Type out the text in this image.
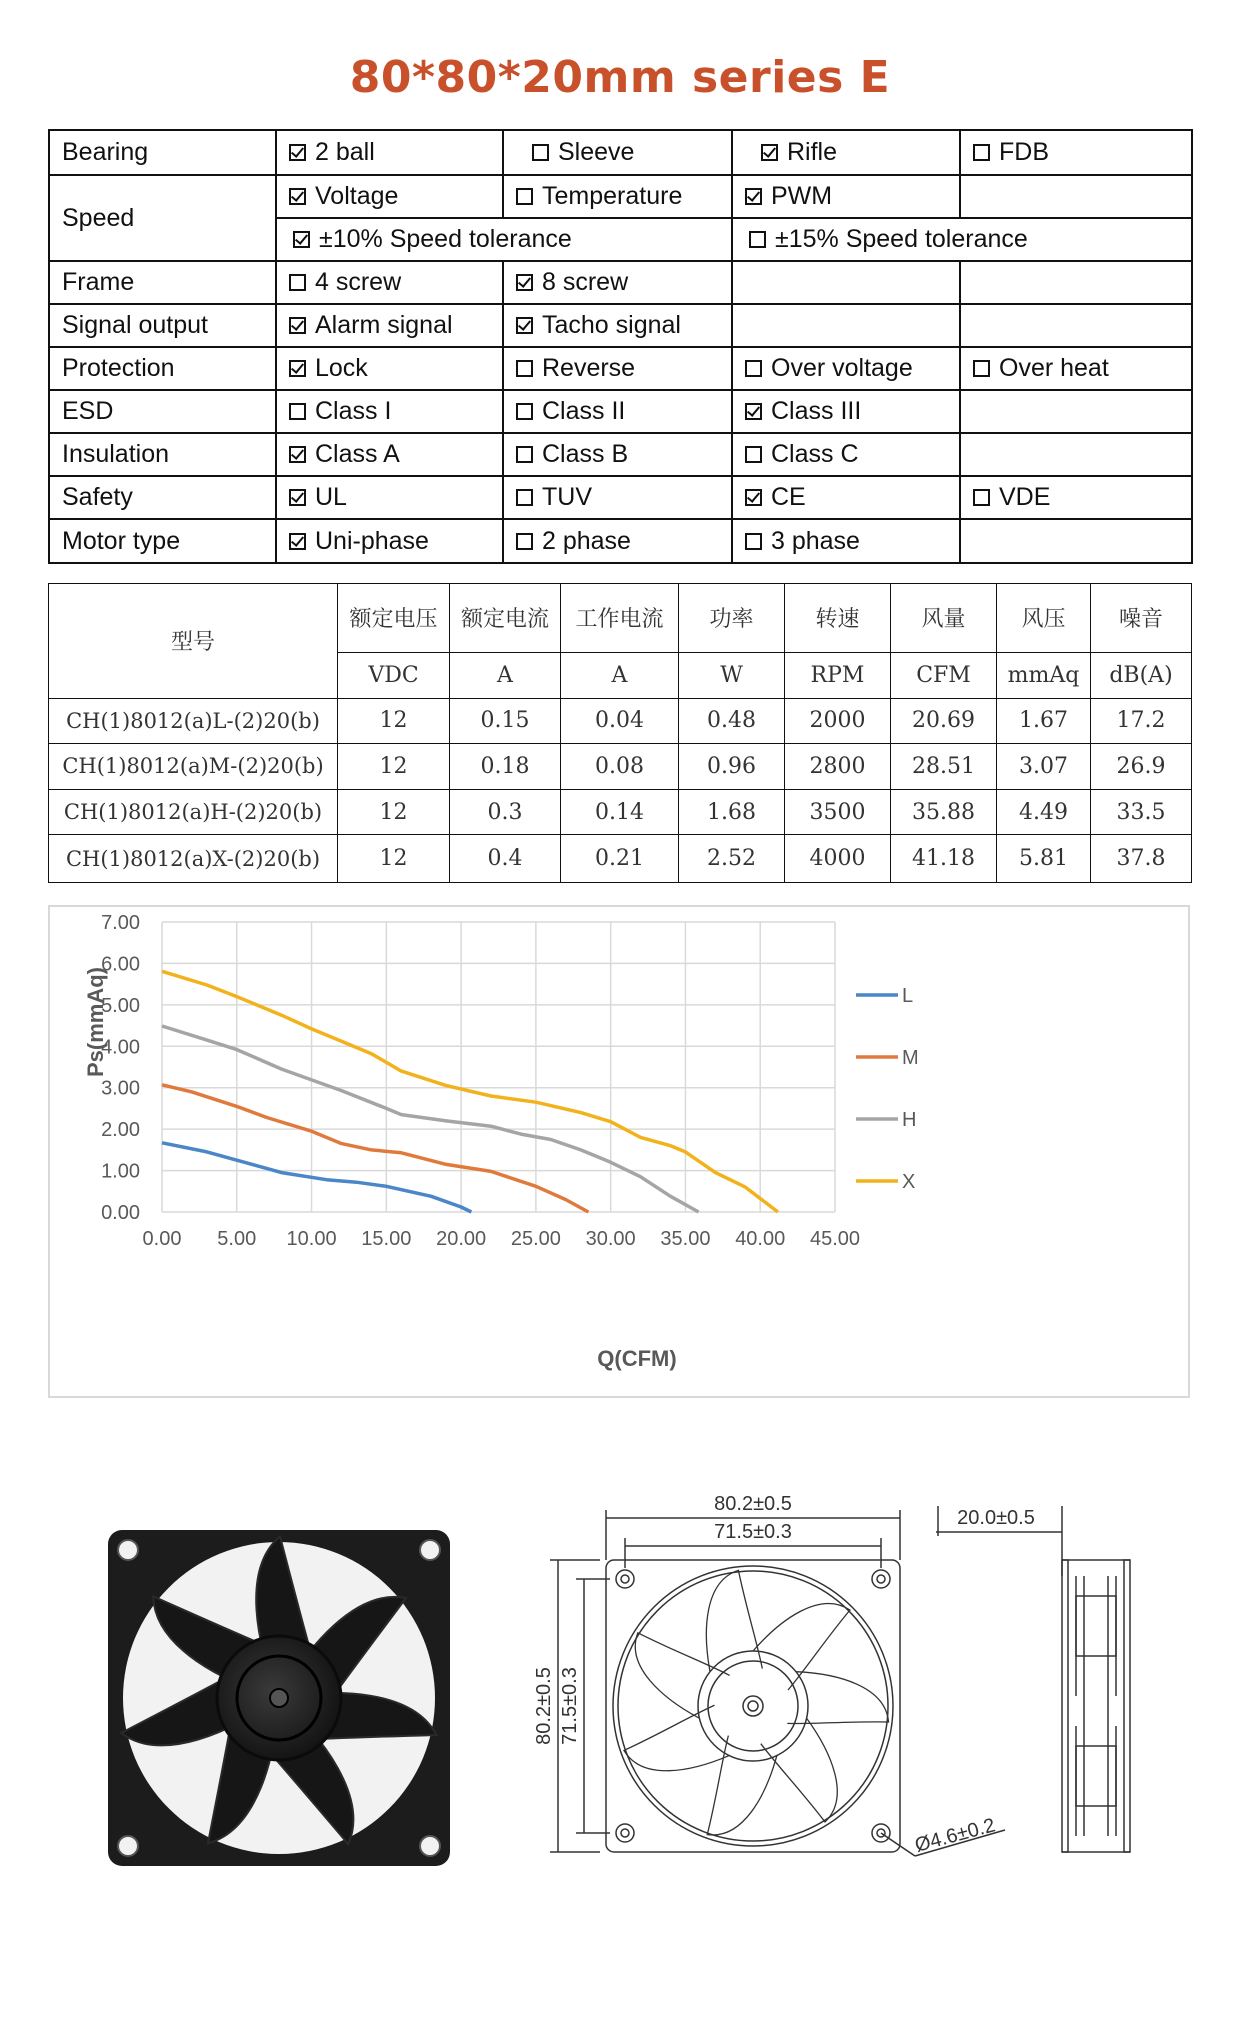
80*80*20mm series E
Bearing	2 ball	Sleeve	Rifle	FDB
Speed	Voltage	Temperature	PWM	
	±10% Speed tolerance		±15% Speed tolerance	
Frame	4 screw	8 screw		
Signal output	Alarm signal	Tacho signal		
Protection	Lock	Reverse	Over voltage	Over heat
ESD	Class I	Class II	Class III	
Insulation	Class A	Class B	Class C	
Safety	UL	TUV	CE	VDE
Motor type	Uni-phase	2 phase	3 phase	
型号	额定电压	额定电流	工作电流	功率	转速	风量	风压	噪音
	VDC	A	A	W	RPM	CFM	mmAq	dB(A)
CH(1)8012(a)L-(2)20(b)	12	0.15	0.04	0.48	2000	20.69	1.67	17.2
CH(1)8012(a)M-(2)20(b)	12	0.18	0.08	0.96	2800	28.51	3.07	26.9
CH(1)8012(a)H-(2)20(b)	12	0.3	0.14	1.68	3500	35.88	4.49	33.5
CH(1)8012(a)X-(2)20(b)	12	0.4	0.21	2.52	4000	41.18	5.81	37.8
0.00 5.00 10.00 15.00 20.00 25.00 30.00 35.00 40.00 45.00
0.00
1.00
2.00
3.00
4.00
5.00
6.00
7.00
L
M
H
X
Q(CFM)
Ps(mmAq)
80.2±0.5
71.5±0.3
80.2±0.5 71.5±0.3
Ø4.6±0.2
20.0±0.5
